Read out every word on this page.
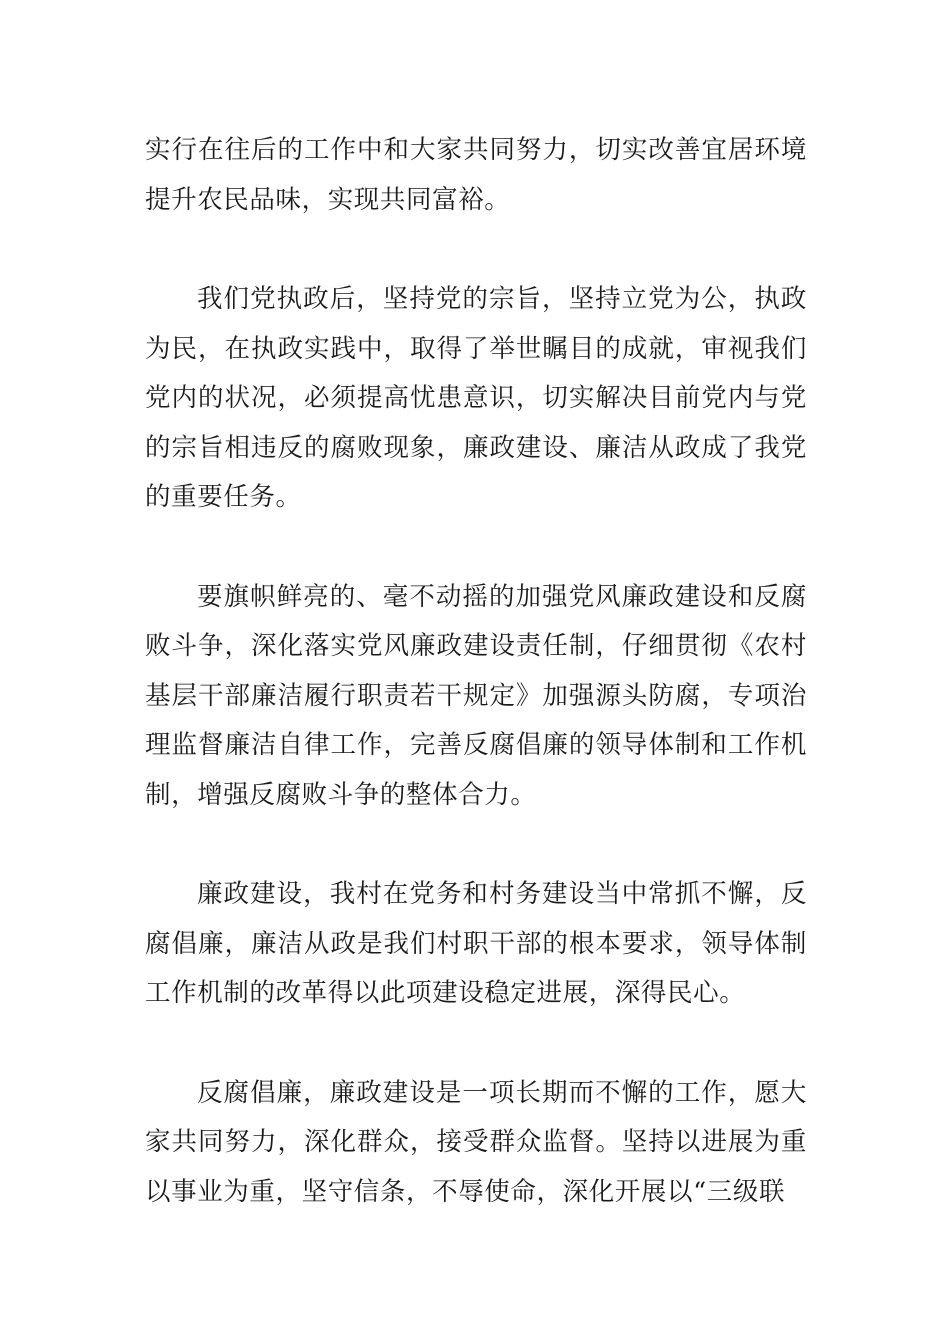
实行在往后的工作中和大家共同努力，切实改善宜居环境提升农民品味，实现共同富裕。

我们党执政后，坚持党的宗旨，坚持立党为公，执政为民，在执政实践中，取得了举世瞩目的成就，审视我们党内的状况，必须提高忧患意识，切实解决目前党内与党的宗旨相违反的腐败现象，廉政建设、廉洁从政成了我党的重要任务。

要旗帜鲜亮的、毫不动摇的加强党风廉政建设和反腐败斗争，深化落实党风廉政建设责任制，仔细贯彻《农村基层干部廉洁履行职责若干规定》加强源头防腐，专项治理监督廉洁自律工作，完善反腐倡廉的领导体制和工作机制，增强反腐败斗争的整体合力。

廉政建设，我村在党务和村务建设当中常抓不懈，反腐倡廉，廉洁从政是我们村职干部的根本要求，领导体制工作机制的改革得以此项建设稳定进展，深得民心。

反腐倡廉，廉政建设是一项长期而不懈的工作，愿大家共同努力，深化群众，接受群众监督。坚持以进展为重以事业为重，坚守信条，不辱使命，深化开展以“三级联
